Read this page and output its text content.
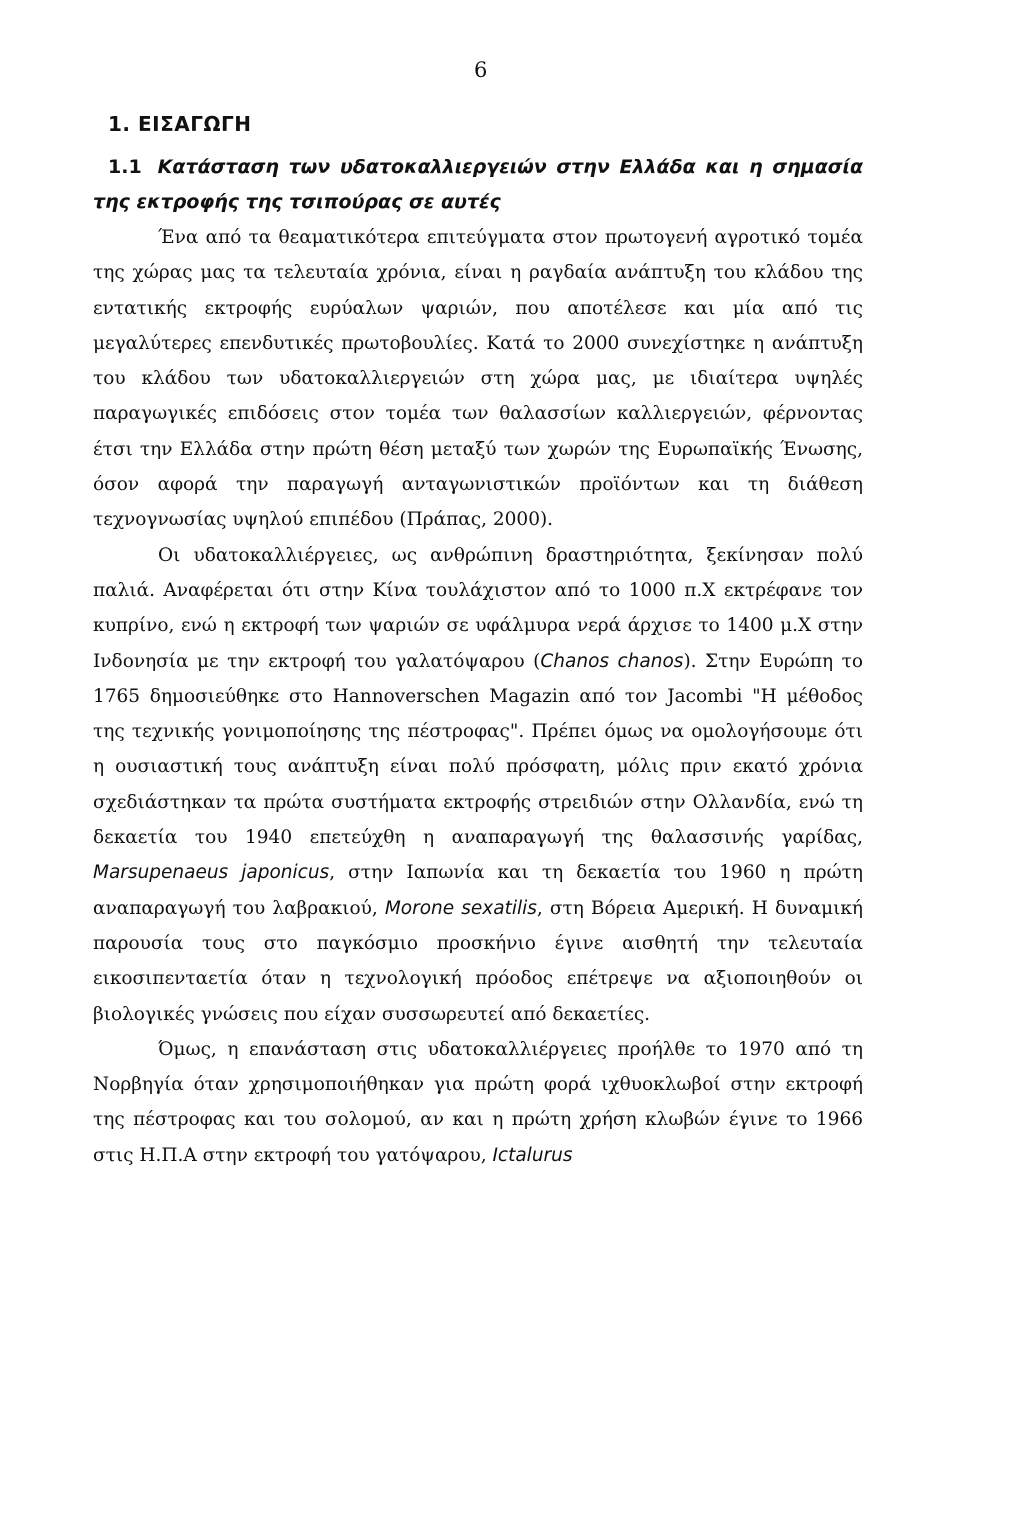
6
1. ΕΙΣΑΓΩΓΗ
1.1 Κατάσταση των υδατοκαλλιεργειών στην Ελλάδα και η σημασία της εκτροφής της τσιπούρας σε αυτές

Ένα από τα θεαματικότερα επιτεύγματα στον πρωτογενή αγροτικό τομέα της χώρας μας τα τελευταία χρόνια, είναι η ραγδαία ανάπτυξη του κλάδου της εντατικής εκτροφής ευρύαλων ψαριών, που αποτέλεσε και μία από τις μεγαλύτερες επενδυτικές πρωτοβουλίες. Κατά το 2000 συνεχίστηκε η ανάπτυξη του κλάδου των υδατοκαλλιεργειών στη χώρα μας, με ιδιαίτερα υψηλές παραγωγικές επιδόσεις στον τομέα των θαλασσίων καλλιεργειών, φέρνοντας έτσι την Ελλάδα στην πρώτη θέση μεταξύ των χωρών της Ευρωπαϊκής Ένωσης, όσον αφορά την παραγωγή ανταγωνιστικών προϊόντων και τη διάθεση τεχνογνωσίας υψηλού επιπέδου (Πράπας, 2000).

Οι υδατοκαλλιέργειες, ως ανθρώπινη δραστηριότητα, ξεκίνησαν πολύ παλιά. Αναφέρεται ότι στην Κίνα τουλάχιστον από το 1000 π.Χ εκτρέφανε τον κυπρίνο, ενώ η εκτροφή των ψαριών σε υφάλμυρα νερά άρχισε το 1400 μ.Χ στην Ινδονησία με την εκτροφή του γαλατόψαρου (Chanos chanos). Στην Ευρώπη το 1765 δημοσιεύθηκε στο Hannoverschen Magazin από τον Jacombi "Η μέθοδος της τεχνικής γονιμοποίησης της πέστροφας". Πρέπει όμως να ομολογήσουμε ότι η ουσιαστική τους ανάπτυξη είναι πολύ πρόσφατη, μόλις πριν εκατό χρόνια σχεδιάστηκαν τα πρώτα συστήματα εκτροφής στρειδιών στην Ολλανδία, ενώ τη δεκαετία του 1940 επετεύχθη η αναπαραγωγή της θαλασσινής γαρίδας, Marsupenaeus japonicus, στην Ιαπωνία και τη δεκαετία του 1960 η πρώτη αναπαραγωγή του λαβρακιού, Morone sexatilis, στη Βόρεια Αμερική. Η δυναμική παρουσία τους στο παγκόσμιο προσκήνιο έγινε αισθητή την τελευταία εικοσιπενταετία όταν η τεχνολογική πρόοδος επέτρεψε να αξιοποιηθούν οι βιολογικές γνώσεις που είχαν συσσωρευτεί από δεκαετίες.

Όμως, η επανάσταση στις υδατοκαλλιέργειες προήλθε το 1970 από τη Νορβηγία όταν χρησιμοποιήθηκαν για πρώτη φορά ιχθυοκλωβοί στην εκτροφή της πέστροφας και του σολομού, αν και η πρώτη χρήση κλωβών έγινε το 1966 στις Η.Π.Α στην εκτροφή του γατόψαρου, Ictalurus
